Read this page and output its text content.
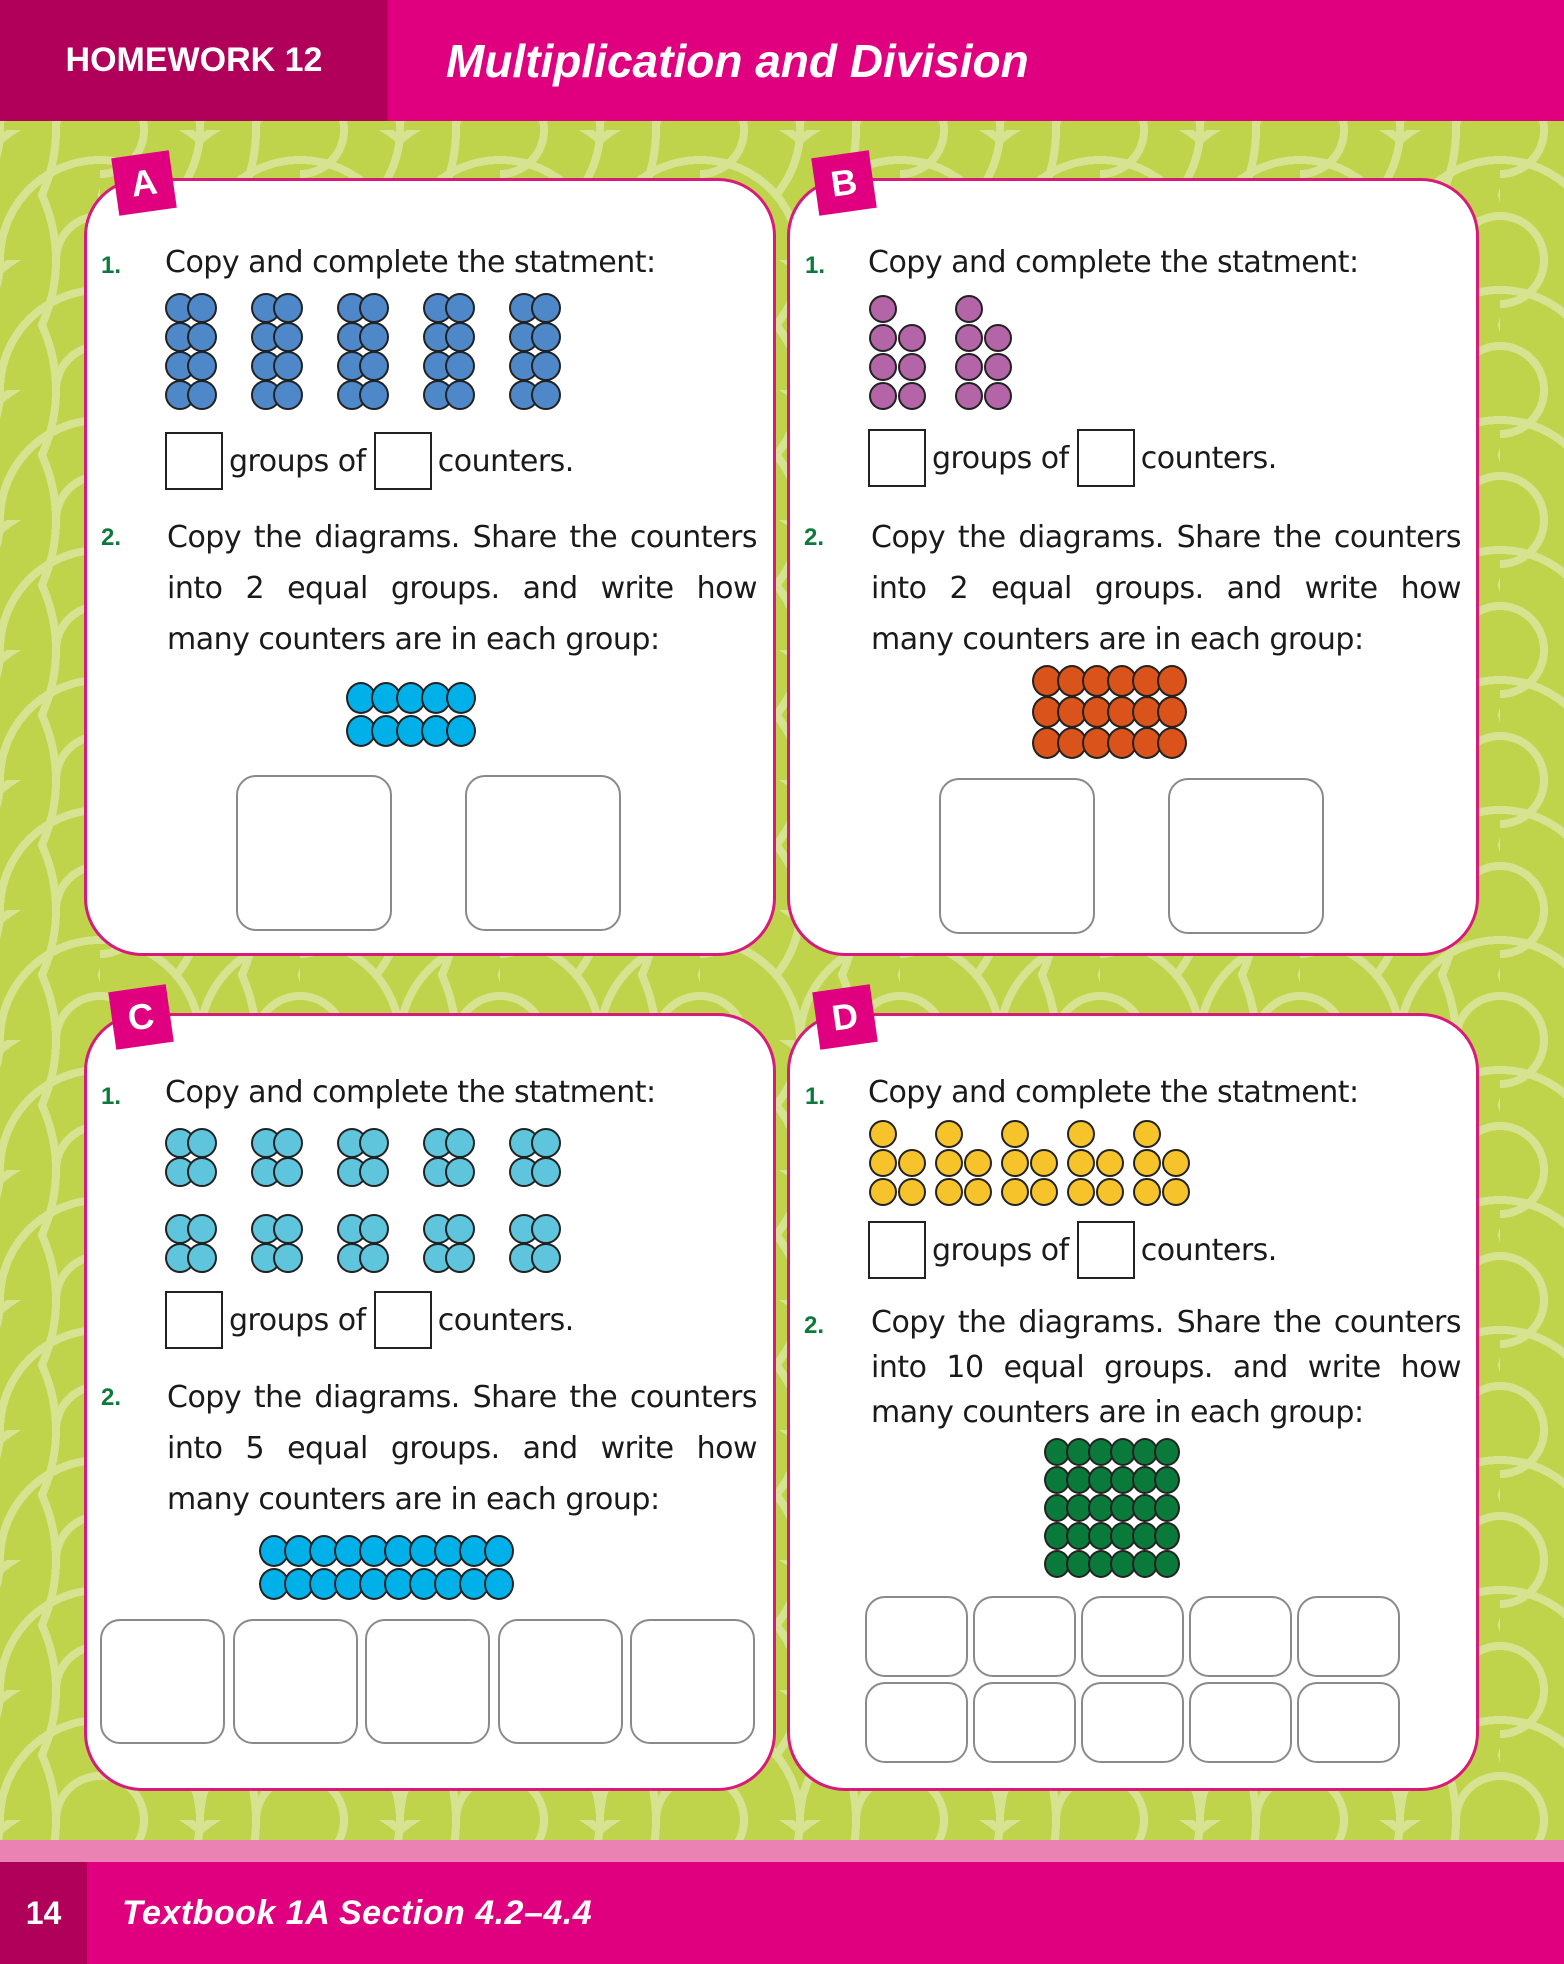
HOMEWORK 12	Multiplication and Division
A
1. Copy and complete the statment:
groups of counters.
2. Copy the diagrams. Share the counters into 2 equal groups. and write how many counters are in each group:
B
1. Copy and complete the statment:
groups of counters.
2. Copy the diagrams. Share the counters into 2 equal groups. and write how many counters are in each group:
C
1. Copy and complete the statment:
groups of counters.
2. Copy the diagrams. Share the counters into 5 equal groups. and write how many counters are in each group:
D
1. Copy and complete the statment:
groups of counters.
2. Copy the diagrams. Share the counters into 10 equal groups. and write how many counters are in each group:
14	Textbook 1A Section 4.2–4.4
